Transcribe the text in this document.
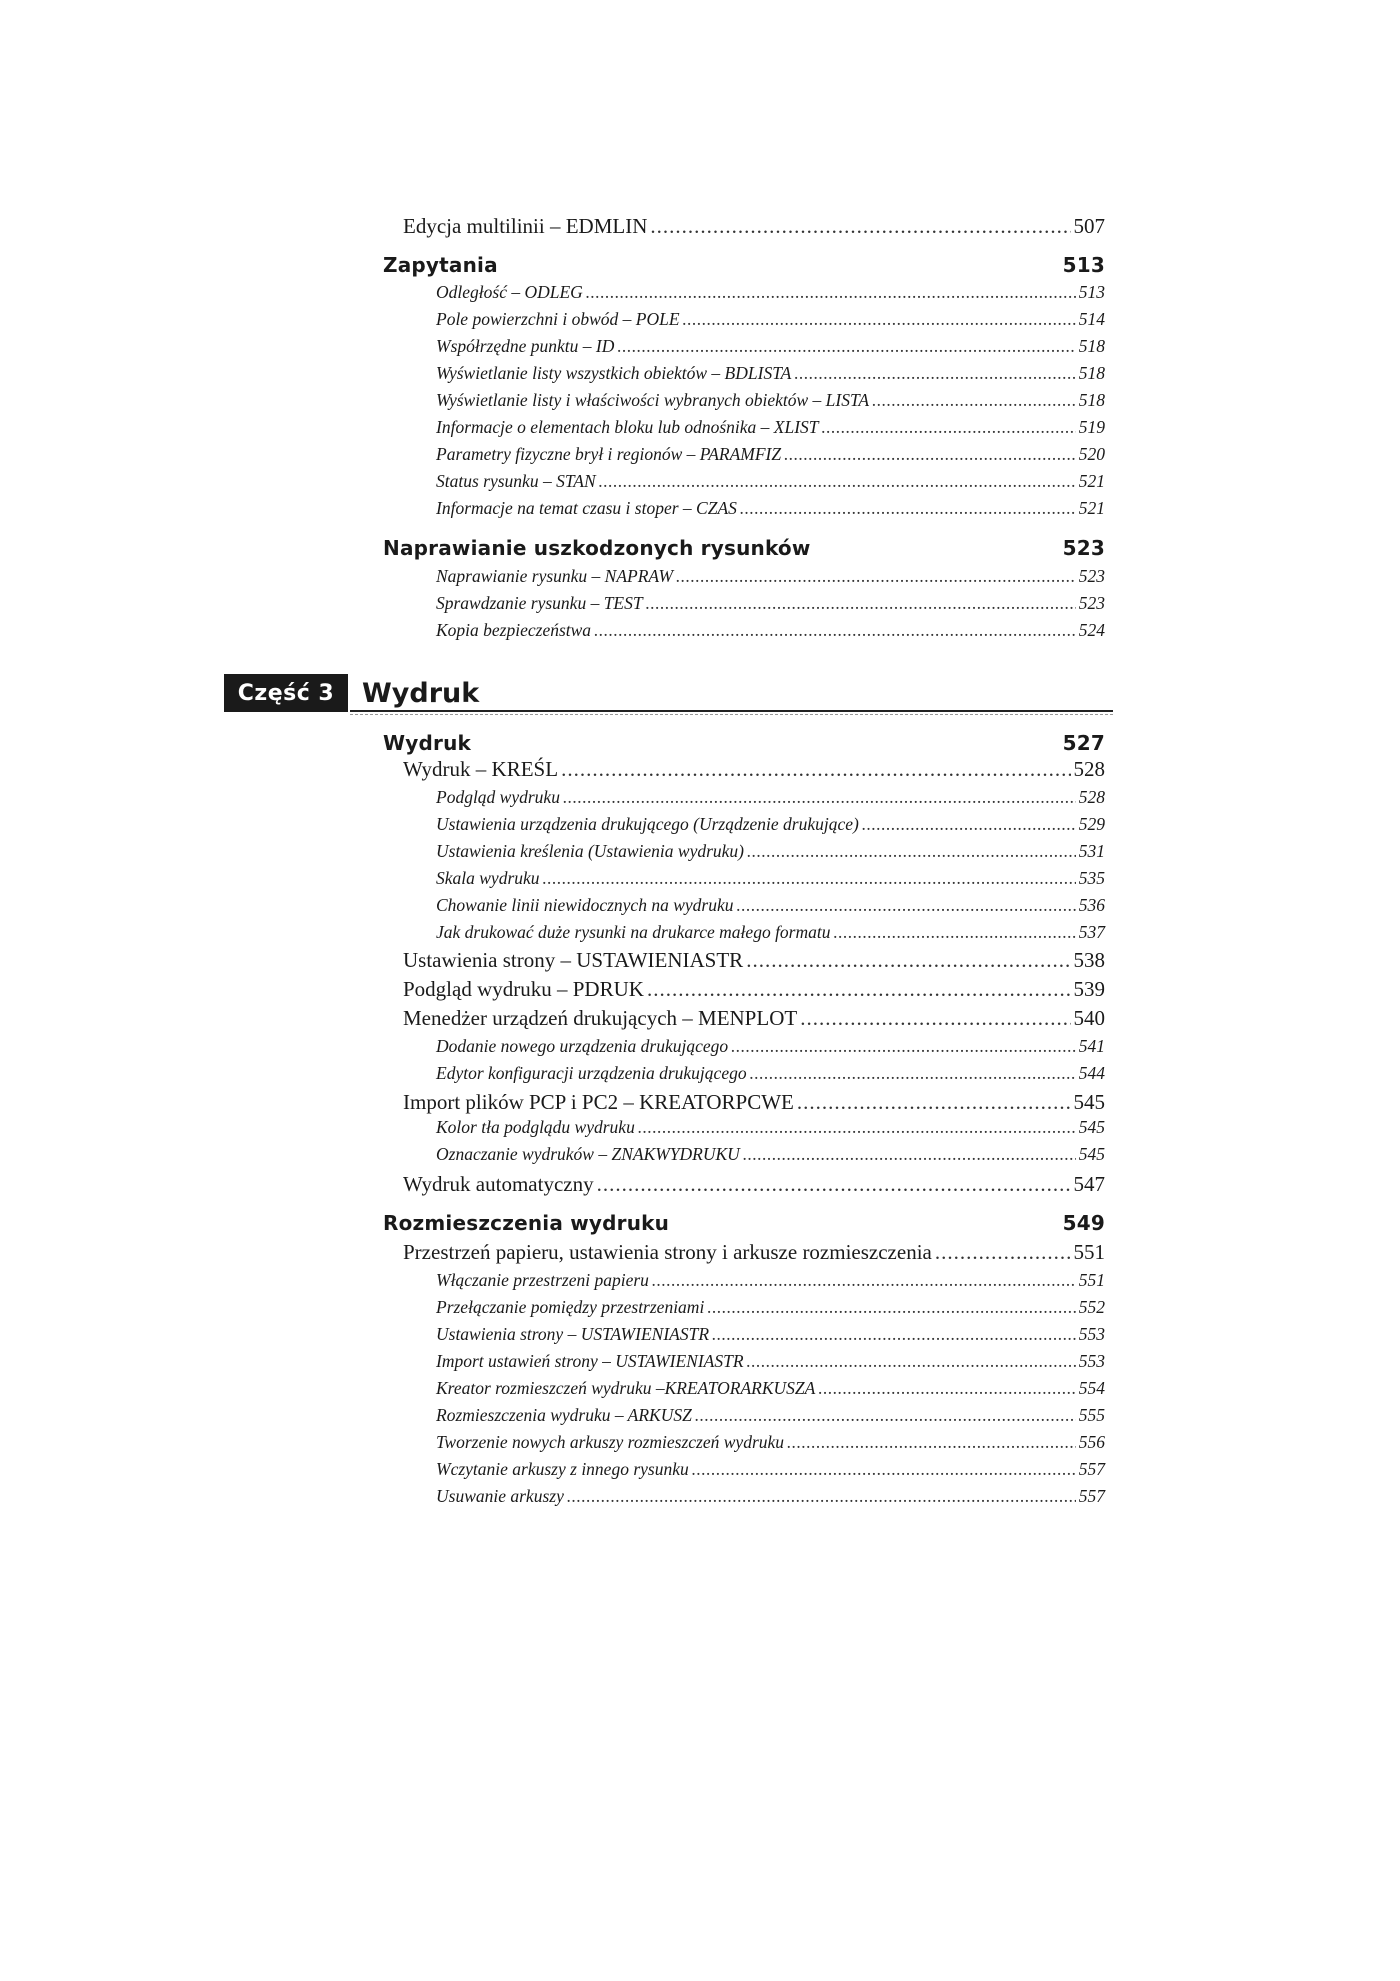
Edycja multilinii – EDMLIN .....	507
Zapytania	513
Odległość – ODLEG .....	513
Pole powierzchni i obwód – POLE .....	514
Współrzędne punktu – ID .....	518
Wyświetlanie listy wszystkich obiektów – BDLISTA .....	518
Wyświetlanie listy i właściwości wybranych obiektów – LISTA .....	518
Informacje o elementach bloku lub odnośnika – XLIST .....	519
Parametry fizyczne brył i regionów – PARAMFIZ .....	520
Status rysunku – STAN .....	521
Informacje na temat czasu i stoper – CZAS .....	521
Naprawianie uszkodzonych rysunków	523
Naprawianie rysunku – NAPRAW .....	523
Sprawdzanie rysunku – TEST .....	523
Kopia bezpieczeństwa .....	524
Wydruk	527
Wydruk – KREŚL .....	528
Podgląd wydruku .....	528
Ustawienia urządzenia drukującego (Urządzenie drukujące) .....	529
Ustawienia kreślenia (Ustawienia wydruku) .....	531
Skala wydruku .....	535
Chowanie linii niewidocznych na wydruku .....	536
Jak drukować duże rysunki na drukarce małego formatu .....	537
Ustawienia strony – USTAWIENIASTR .....	538
Podgląd wydruku – PDRUK .....	539
Menedżer urządzeń drukujących – MENPLOT .....	540
Dodanie nowego urządzenia drukującego .....	541
Edytor konfiguracji urządzenia drukującego .....	544
Import plików PCP i PC2 – KREATORPCWE .....	545
Kolor tła podglądu wydruku .....	545
Oznaczanie wydruków – ZNAKWYDRUKU .....	545
Wydruk automatyczny .....	547
Rozmieszczenia wydruku	549
Przestrzeń papieru, ustawienia strony i arkusze rozmieszczenia .....	551
Włączanie przestrzeni papieru .....	551
Przełączanie pomiędzy przestrzeniami .....	552
Ustawienia strony – USTAWIENIASTR .....	553
Import ustawień strony – USTAWIENIASTR .....	553
Kreator rozmieszczeń wydruku –KREATORARKUSZA .....	554
Rozmieszczenia wydruku – ARKUSZ .....	555
Tworzenie nowych arkuszy rozmieszczeń wydruku .....	556
Wczytanie arkuszy z innego rysunku .....	557
Usuwanie arkuszy .....	557
Część 3	Wydruk
